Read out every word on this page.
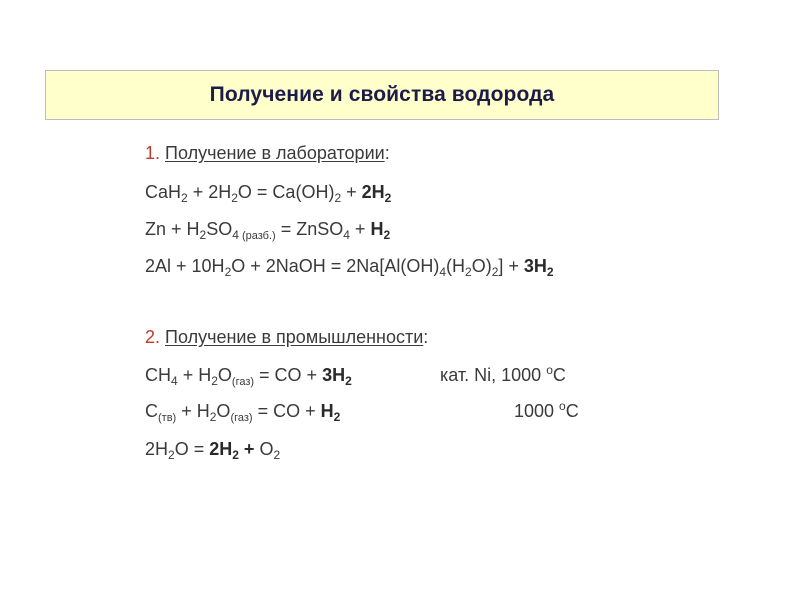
Получение и свойства водорода
1. Получение в лаборатории:
$CaH_2 + 2H_2O = Ca(OH)_2 + 2H_2$
$Zn + H_2SO_4$ $_{(разб.)}$ = ZnSO$_4$ + $H_2$
$2Al + 10H_2O$ + 2NaOH = $2Na[Al(OH)_4(H_2O)_2] + 3H_2$
2. Получение в промышленности:
$CH_4 + H_2O_{(газ)}$ = CO + $3H_2$	кат. Ni, 1000 $^o$C
$C_{(тв)} + H_2O_{(газ)}$ = CO + $H_2$	1000 $^o$C
$2H_2O = 2H_2 + O_2$
